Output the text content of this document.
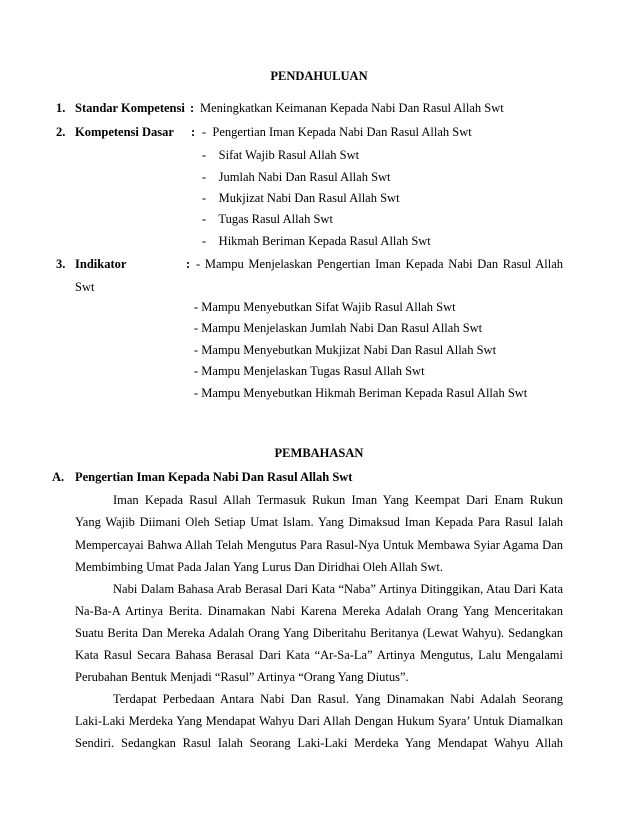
PENDAHULUAN
1. Standar Kompetensi : Meningkatkan Keimanan Kepada Nabi Dan Rasul Allah Swt
2. Kompetensi Dasar : -  Pengertian Iman Kepada Nabi Dan Rasul Allah Swt
-    Sifat Wajib Rasul Allah Swt
-    Jumlah Nabi Dan Rasul Allah Swt
-    Mukjizat Nabi Dan Rasul Allah Swt
-    Tugas Rasul Allah Swt
-    Hikmah Beriman Kepada Rasul Allah Swt
3. Indikator	: - Mampu Menjelaskan Pengertian Iman Kepada Nabi Dan Rasul Allah
Swt
- Mampu Menyebutkan Sifat Wajib Rasul Allah Swt
- Mampu Menjelaskan Jumlah Nabi Dan Rasul Allah Swt
- Mampu Menyebutkan Mukjizat Nabi Dan Rasul Allah Swt
- Mampu Menjelaskan Tugas Rasul Allah Swt
- Mampu Menyebutkan Hikmah Beriman Kepada Rasul Allah Swt
PEMBAHASAN
A. Pengertian Iman Kepada Nabi Dan Rasul Allah Swt
Iman Kepada Rasul Allah Termasuk Rukun Iman Yang Keempat Dari Enam Rukun
Yang Wajib Diimani Oleh Setiap Umat Islam. Yang Dimaksud Iman Kepada Para Rasul Ialah
Mempercayai Bahwa Allah Telah Mengutus Para Rasul-Nya Untuk Membawa Syiar Agama Dan
Membimbing Umat Pada Jalan Yang Lurus Dan Diridhai Oleh Allah Swt.
Nabi Dalam Bahasa Arab Berasal Dari Kata “Naba” Artinya Ditinggikan, Atau Dari Kata
Na-Ba-A Artinya Berita. Dinamakan Nabi Karena Mereka Adalah Orang Yang Menceritakan
Suatu Berita Dan Mereka Adalah Orang Yang Diberitahu Beritanya (Lewat Wahyu). Sedangkan
Kata Rasul Secara Bahasa Berasal Dari Kata “Ar-Sa-La” Artinya Mengutus, Lalu Mengalami
Perubahan Bentuk Menjadi “Rasul” Artinya “Orang Yang Diutus”.
Terdapat Perbedaan Antara Nabi Dan Rasul. Yang Dinamakan Nabi Adalah Seorang
Laki-Laki Merdeka Yang Mendapat Wahyu Dari Allah Dengan Hukum Syara’ Untuk Diamalkan
Sendiri. Sedangkan Rasul Ialah Seorang Laki-Laki Merdeka Yang Mendapat Wahyu Allah
